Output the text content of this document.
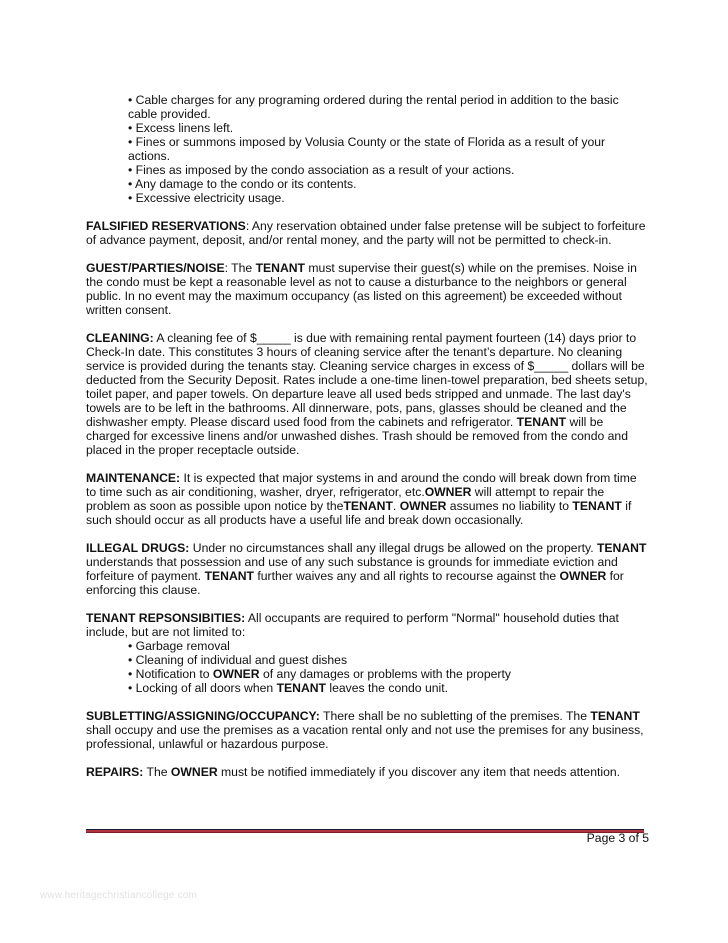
• Cable charges for any programing ordered during the rental period in addition to the basic cable provided.
• Excess linens left.
• Fines or summons imposed by Volusia County or the state of Florida as a result of your actions.
• Fines as imposed by the condo association as a result of your actions.
• Any damage to the condo or its contents.
• Excessive electricity usage.

FALSIFIED RESERVATIONS: Any reservation obtained under false pretense will be subject to forfeiture of advance payment, deposit, and/or rental money, and the party will not be permitted to check-in.

GUEST/PARTIES/NOISE: The TENANT must supervise their guest(s) while on the premises. Noise in the condo must be kept a reasonable level as not to cause a disturbance to the neighbors or general public. In no event may the maximum occupancy (as listed on this agreement) be exceeded without written consent.

CLEANING: A cleaning fee of $_____ is due with remaining rental payment fourteen (14) days prior to Check-In date. This constitutes 3 hours of cleaning service after the tenant’s departure. No cleaning service is provided during the tenants stay. Cleaning service charges in excess of $_____ dollars will be deducted from the Security Deposit. Rates include a one-time linen-towel preparation, bed sheets setup, toilet paper, and paper towels. On departure leave all used beds stripped and unmade. The last day's towels are to be left in the bathrooms. All dinnerware, pots, pans, glasses should be cleaned and the dishwasher empty. Please discard used food from the cabinets and refrigerator. TENANT will be charged for excessive linens and/or unwashed dishes. Trash should be removed from the condo and placed in the proper receptacle outside.

MAINTENANCE: It is expected that major systems in and around the condo will break down from time to time such as air conditioning, washer, dryer, refrigerator, etc.OWNER will attempt to repair the problem as soon as possible upon notice by theTENANT. OWNER assumes no liability to TENANT if such should occur as all products have a useful life and break down occasionally.

ILLEGAL DRUGS: Under no circumstances shall any illegal drugs be allowed on the property. TENANT understands that possession and use of any such substance is grounds for immediate eviction and forfeiture of payment. TENANT further waives any and all rights to recourse against the OWNER for enforcing this clause.

TENANT REPSONSIBITIES: All occupants are required to perform "Normal" household duties that include, but are not limited to:

• Garbage removal
• Cleaning of individual and guest dishes
• Notification to OWNER of any damages or problems with the property
• Locking of all doors when TENANT leaves the condo unit.

SUBLETTING/ASSIGNING/OCCUPANCY: There shall be no subletting of the premises. The TENANT shall occupy and use the premises as a vacation rental only and not use the premises for any business, professional, unlawful or hazardous purpose.

REPAIRS: The OWNER must be notified immediately if you discover any item that needs attention.

Page 3 of 5
www.heritagechristiancollege.com
